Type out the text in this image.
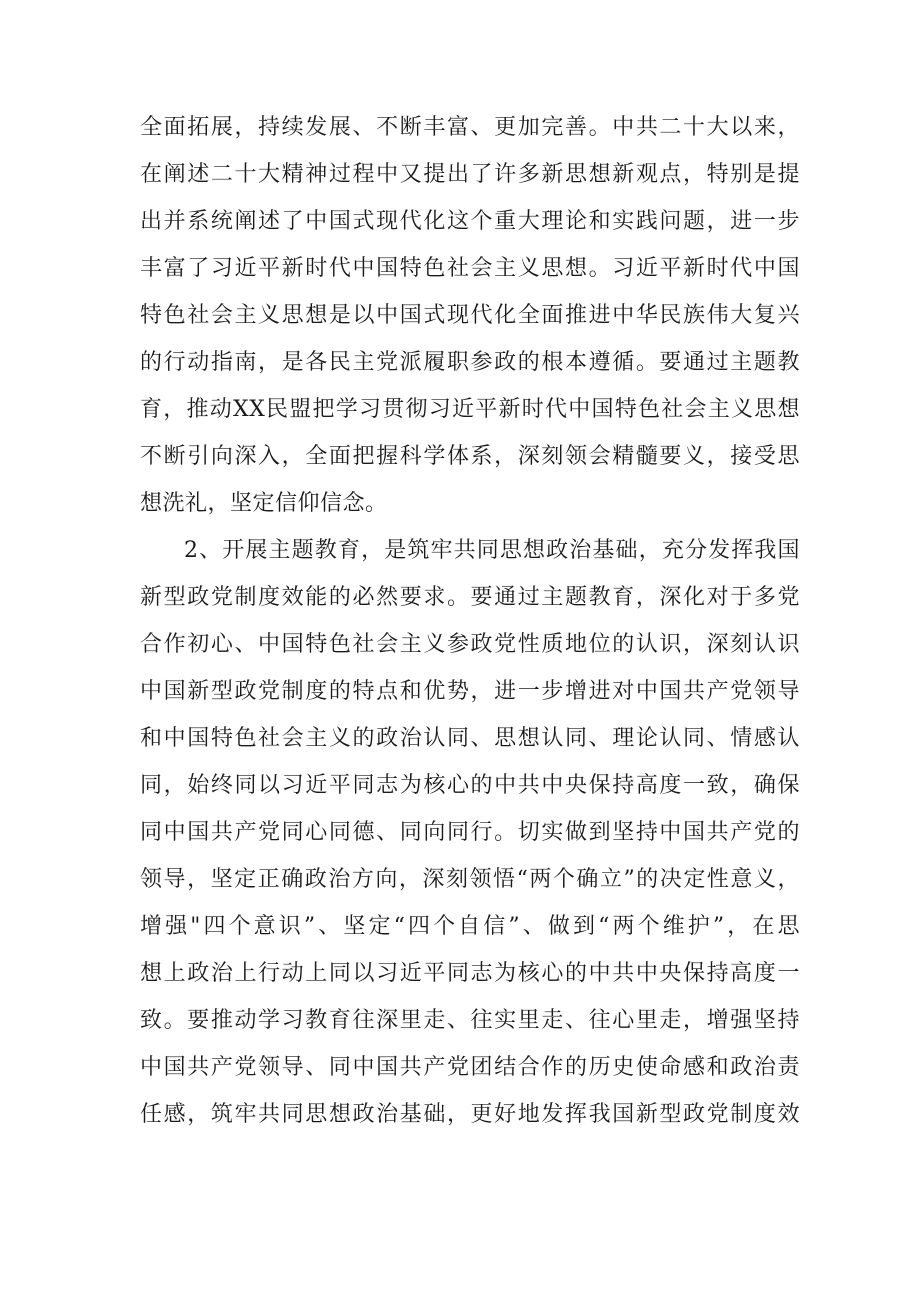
全面拓展，持续发展、不断丰富、更加完善。中共二十大以来，
在阐述二十大精神过程中又提出了许多新思想新观点，特别是提
出并系统阐述了中国式现代化这个重大理论和实践问题，进一步
丰富了习近平新时代中国特色社会主义思想。习近平新时代中国
特色社会主义思想是以中国式现代化全面推进中华民族伟大复兴
的行动指南，是各民主党派履职参政的根本遵循。要通过主题教
育，推动XX民盟把学习贯彻习近平新时代中国特色社会主义思想
不断引向深入，全面把握科学体系，深刻领会精髓要义，接受思
想洗礼，坚定信仰信念。
2、开展主题教育，是筑牢共同思想政治基础，充分发挥我国
新型政党制度效能的必然要求。要通过主题教育，深化对于多党
合作初心、中国特色社会主义参政党性质地位的认识，深刻认识
中国新型政党制度的特点和优势，进一步增进对中国共产党领导
和中国特色社会主义的政治认同、思想认同、理论认同、情感认
同，始终同以习近平同志为核心的中共中央保持高度一致，确保
同中国共产党同心同德、同向同行。切实做到坚持中国共产党的
领导，坚定正确政治方向，深刻领悟“两个确立”的决定性意义，
增强"四个意识”、坚定“四个自信”、做到“两个维护”，在思
想上政治上行动上同以习近平同志为核心的中共中央保持高度一
致。要推动学习教育往深里走、往实里走、往心里走，增强坚持
中国共产党领导、同中国共产党团结合作的历史使命感和政治责
任感，筑牢共同思想政治基础，更好地发挥我国新型政党制度效
